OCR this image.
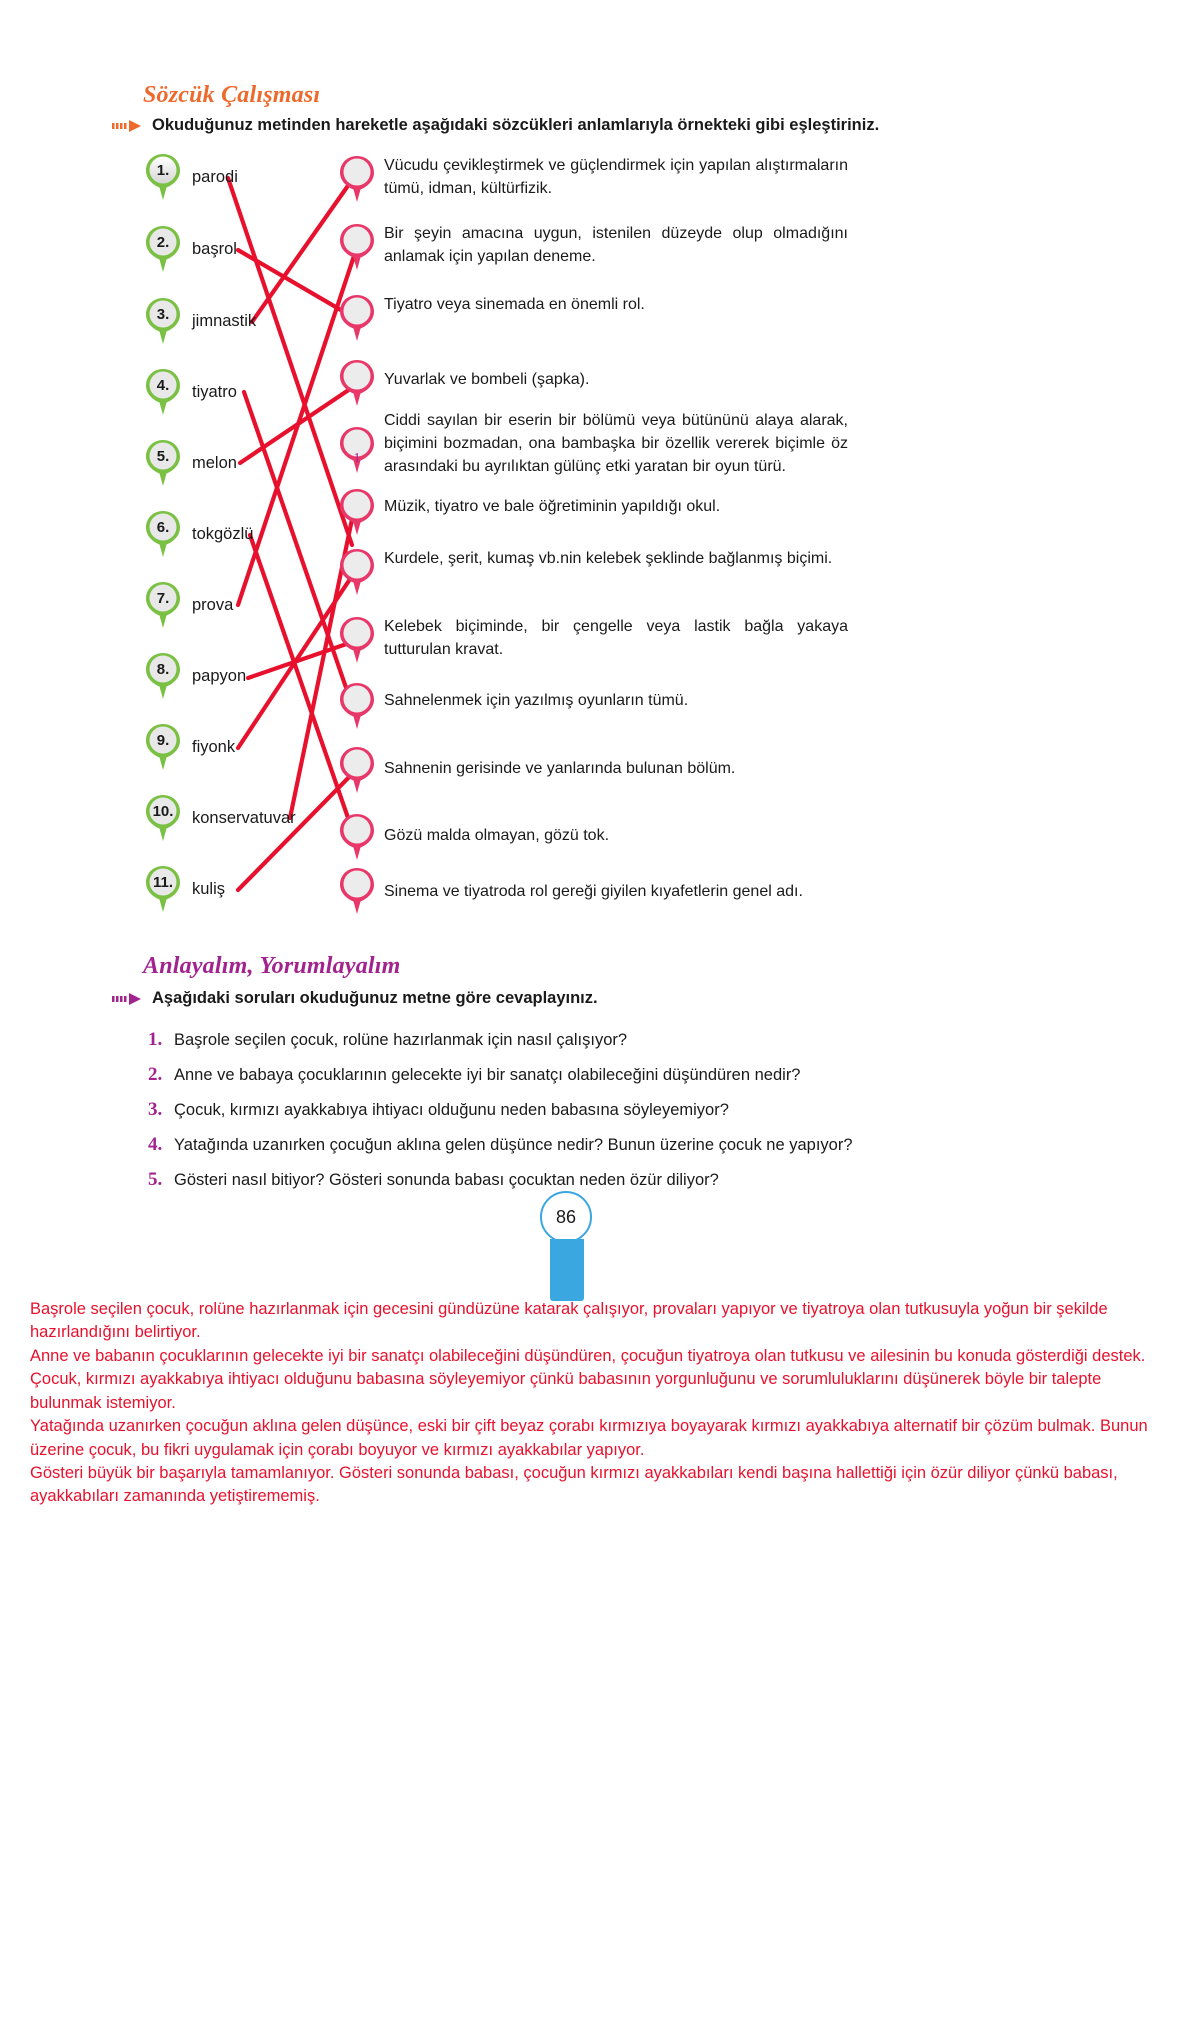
Sözcük Çalışması
Okuduğunuz metinden hareketle aşağıdaki sözcükleri anlamlarıyla örnekteki gibi eşleştiriniz.
1.	parodi
2.	başrol
3.	jimnastik
4.	tiyatro
5.	melon
6.	tokgözlü
7.	prova
8.	papyon
9.	fiyonk
10.	konservatuvar
11.	kuliş
Vücudu çevikleştirmek ve güçlendirmek için yapılan alıştırmaların tümü, idman, kültürfizik.
Bir şeyin amacına uygun, istenilen düzeyde olup olmadığını anlamak için yapılan deneme.
Tiyatro veya sinemada en önemli rol.
Yuvarlak ve bombeli (şapka).
1
Ciddi sayılan bir eserin bir bölümü veya bütününü alaya alarak, biçimini bozmadan, ona bambaşka bir özellik vererek biçimle öz arasındaki bu ayrılıktan gülünç etki yaratan bir oyun türü.
Müzik, tiyatro ve bale öğretiminin yapıldığı okul.
Kurdele, şerit, kumaş vb.nin kelebek şeklinde bağlanmış biçimi.
Kelebek biçiminde, bir çengelle veya lastik bağla yakaya tutturulan kravat.
Sahnelenmek için yazılmış oyunların tümü.
Sahnenin gerisinde ve yanlarında bulunan bölüm.
Gözü malda olmayan, gözü tok.
Sinema ve tiyatroda rol gereği giyilen kıyafetlerin genel adı.
Anlayalım, Yorumlayalım
Aşağıdaki soruları okuduğunuz metne göre cevaplayınız.
1. Başrole seçilen çocuk, rolüne hazırlanmak için nasıl çalışıyor?
2. Anne ve babaya çocuklarının gelecekte iyi bir sanatçı olabileceğini düşündüren nedir?
3. Çocuk, kırmızı ayakkabıya ihtiyacı olduğunu neden babasına söyleyemiyor?
4. Yatağında uzanırken çocuğun aklına gelen düşünce nedir? Bunun üzerine çocuk ne yapıyor?
5. Gösteri nasıl bitiyor? Gösteri sonunda babası çocuktan neden özür diliyor?
86

Başrole seçilen çocuk, rolüne hazırlanmak için gecesini gündüzüne katarak çalışıyor, provaları yapıyor ve tiyatroya olan tutkusuyla yoğun bir şekilde hazırlandığını belirtiyor.

Anne ve babanın çocuklarının gelecekte iyi bir sanatçı olabileceğini düşündüren, çocuğun tiyatroya olan tutkusu ve ailesinin bu konuda gösterdiği destek.

Çocuk, kırmızı ayakkabıya ihtiyacı olduğunu babasına söyleyemiyor çünkü babasının yorgunluğunu ve sorumluluklarını düşünerek böyle bir talepte bulunmak istemiyor.

Yatağında uzanırken çocuğun aklına gelen düşünce, eski bir çift beyaz çorabı kırmızıya boyayarak kırmızı ayakkabıya alternatif bir çözüm bulmak. Bunun üzerine çocuk, bu fikri uygulamak için çorabı boyuyor ve kırmızı ayakkabılar yapıyor.

Gösteri büyük bir başarıyla tamamlanıyor. Gösteri sonunda babası, çocuğun kırmızı ayakkabıları kendi başına hallettiği için özür diliyor çünkü babası, ayakkabıları zamanında yetiştirememiş.
